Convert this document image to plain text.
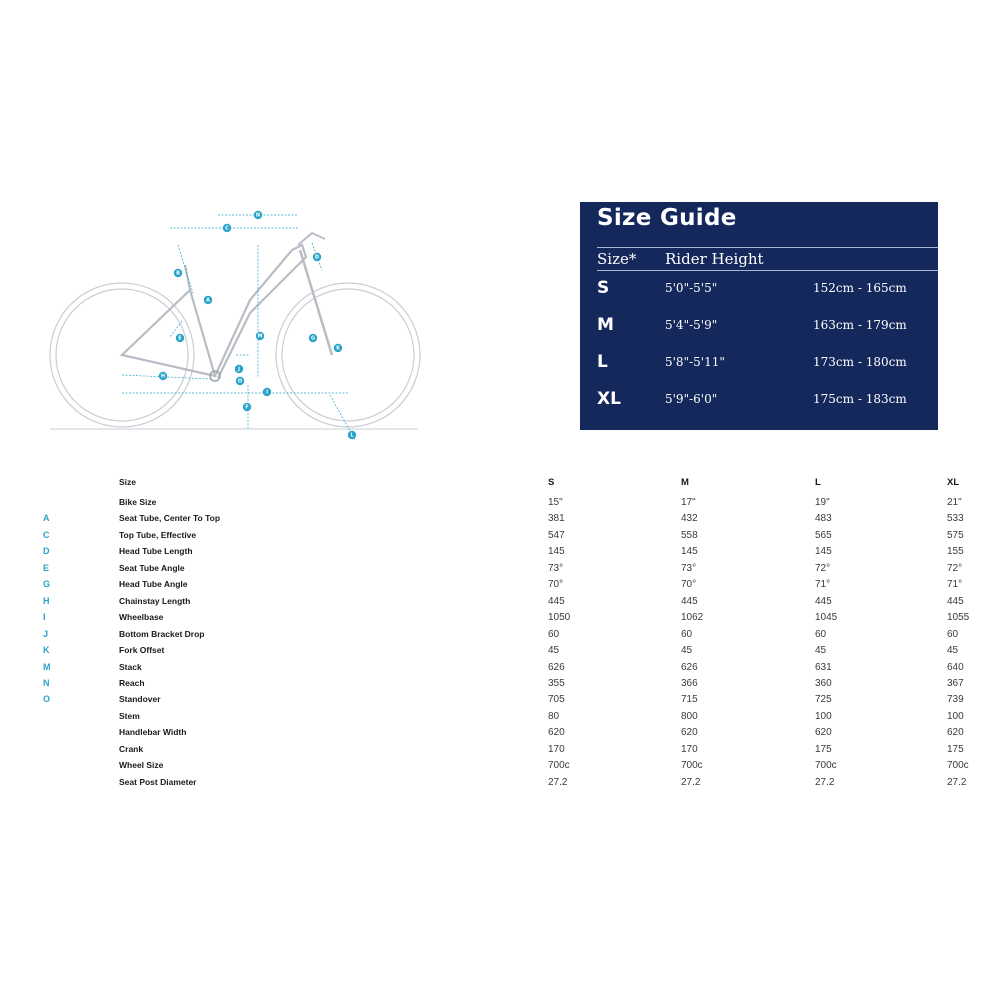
N
C
D
B
A
M
E	G
F
K
J
H
I
O
L
Size Guide
Size* Rider Height
S	5'0"-5'5"	152cm - 165cm
M	5'4"-5'9"	163cm - 179cm
L	5'8"-5'11"	173cm - 180cm
XL	5'9"-6'0"	175cm - 183cm
Size	S	M	L	XL
Bike Size	15"	17"	19"	21"
A	Seat Tube, Center To Top	381	432	483	533
C	Top Tube, Effective	547	558	565	575
D	Head Tube Length	145	145	145	155
E	Seat Tube Angle	73°	73°	72°	72°
G	Head Tube Angle	70°	70°	71°	71°
H	Chainstay Length	445	445	445	445
I	Wheelbase	1050	1062	1045	1055
J	Bottom Bracket Drop	60	60	60	60
K	Fork Offset	45	45	45	45
M	Stack	626	626	631	640
N	Reach	355	366	360	367
O	Standover	705	715	725	739
Stem	80	800	100	100
Handlebar Width	620	620	620	620
Crank	170	170	175	175
Wheel Size	700c	700c	700c	700c
Seat Post Diameter	27.2	27.2	27.2	27.2
